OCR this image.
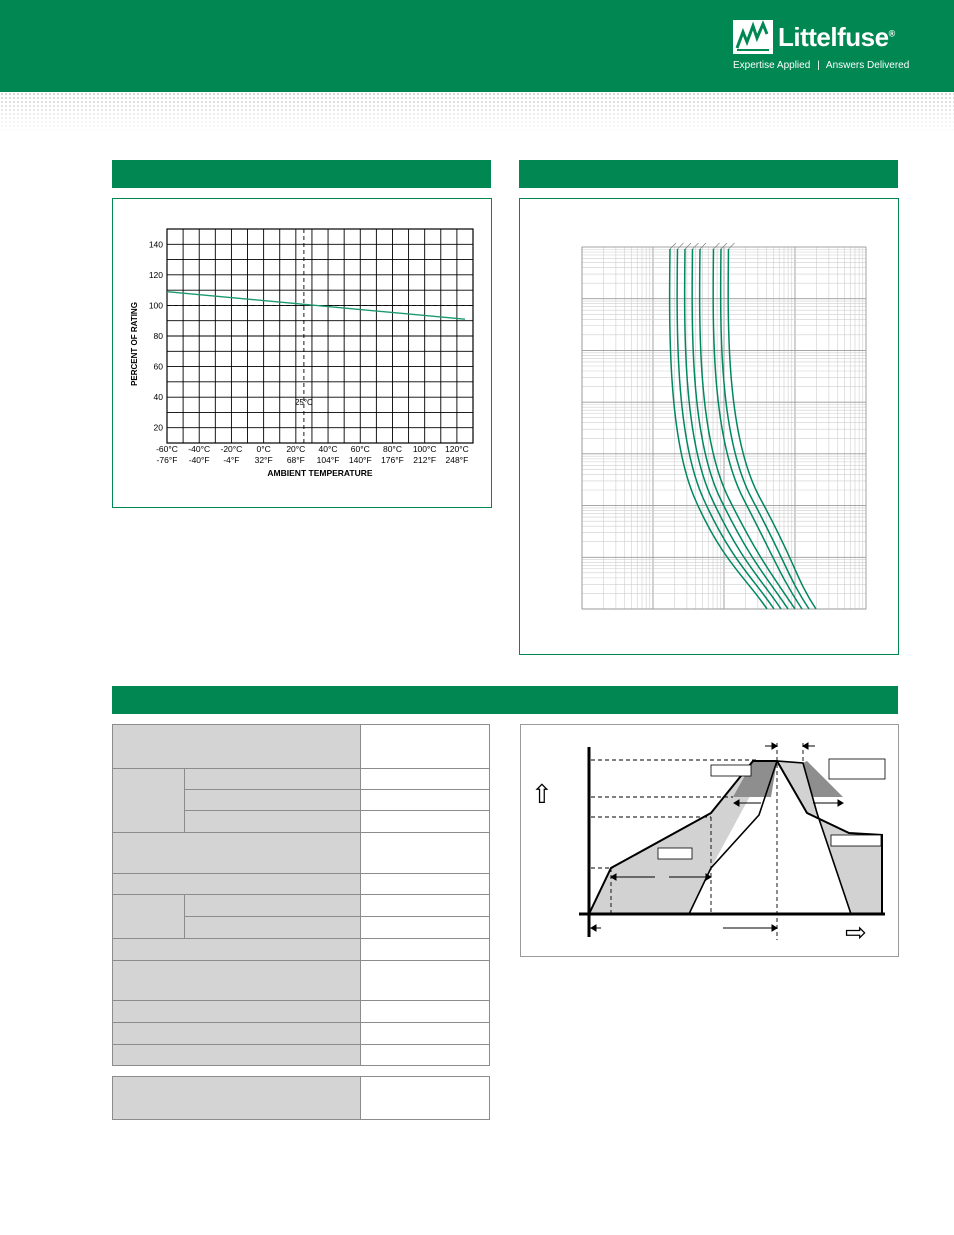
Littelfuse®
Expertise Applied | Answers Delivered
20
40
60
80
100
120
140
-60°C
-76°F
-40°C
-40°F
-20°C
-4°F
0°C
32°F
20°C
68°F
40°C
104°F
60°C
140°F
80°C
176°F
100°C
212°F
120°C
248°F
PERCENT OF RATING
AMBIENT TEMPERATURE
25°C

⇧
⇨
